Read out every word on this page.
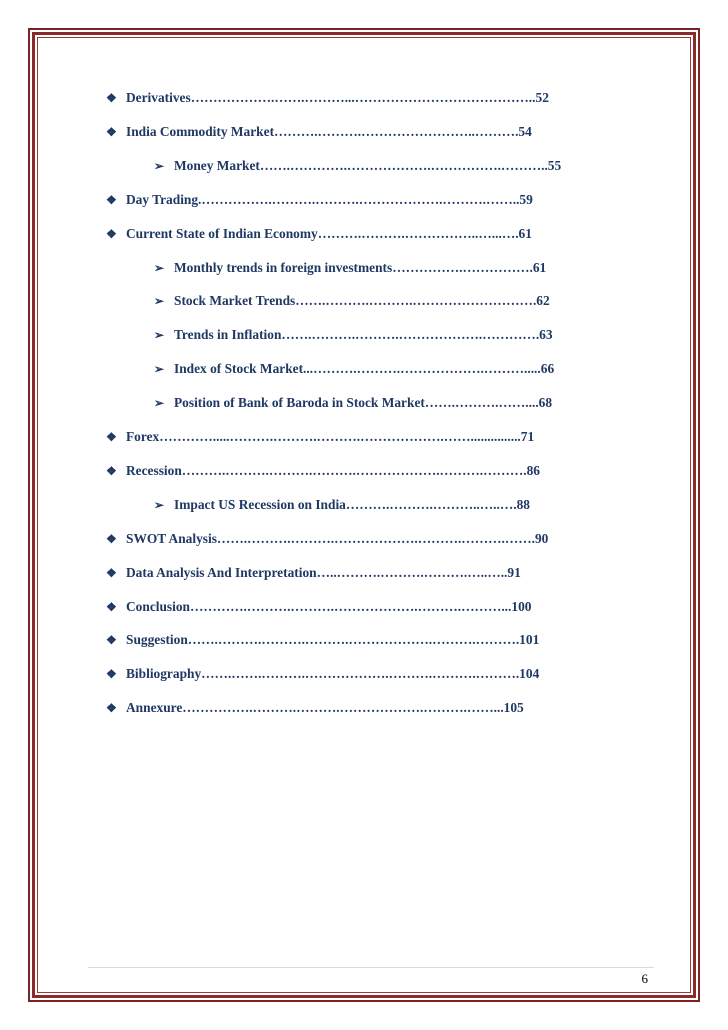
❖ Derivatives……………….…….………...…………………………………..52
❖ India Commodity Market……….……….……………………..……….54
➢ Money Market…….………….……………….…………….………..55
❖ Day Trading.…………….……….……….……………….……….……..59
❖ Current State of Indian Economy……….……….……………..…...….61
➢ Monthly trends in foreign investments…………….…………….61
➢ Stock Market Trends…….……….……….……………………….62
➢ Trends in Inflation…….……….……….……………….………….63
➢ Index of Stock Market...……….……….……………….……….....66
➢ Position of Bank of Baroda in Stock Market…….……….……....68
❖ Forex………….....……….……….……….……………….……...............71
❖ Recession……….……….……….……….……………….……….……….86
➢ Impact US Recession on India……….……….………..…..….88
❖ SWOT Analysis…….……….……….……………….……….……….…….90
❖ Data Analysis And Interpretation…..……….……….……….…..…..91
❖ Conclusion………….……….……….……………….……….………...100
❖ Suggestion…….……….……….……….……………….……….……….101
❖ Bibliography…….…….……….……………….……….……….……….104
❖ Annexure…………….……….……….……………….……….……...105
6
